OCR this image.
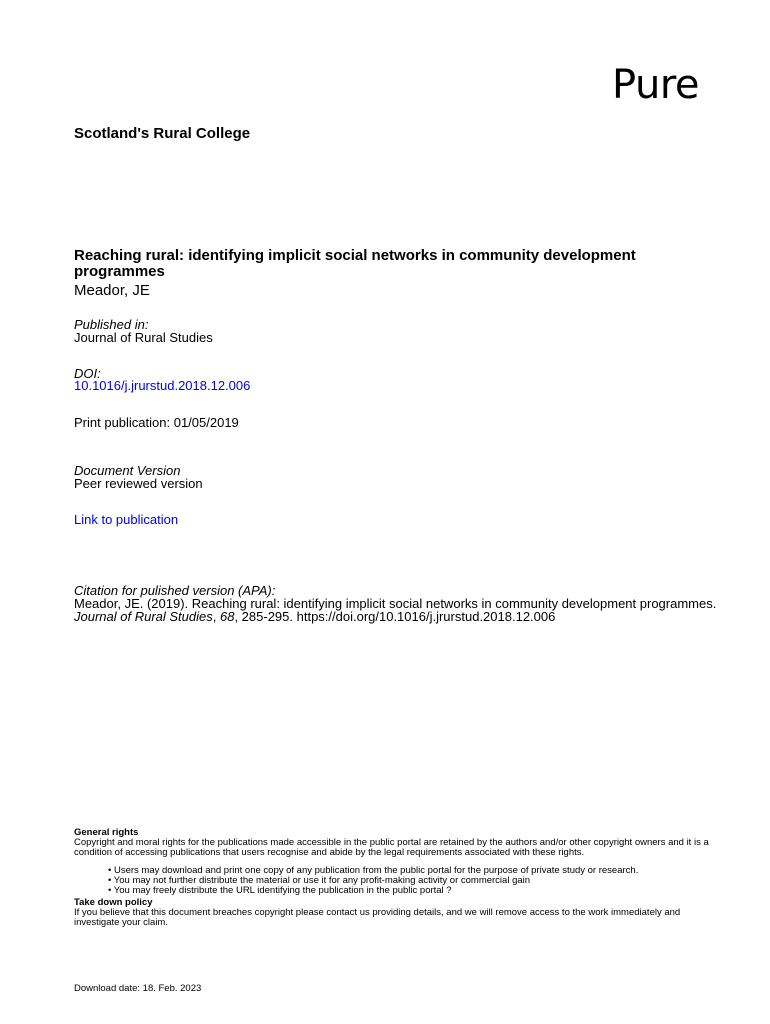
Pure
Scotland's Rural College
Reaching rural: identifying implicit social networks in community development programmes
Meador, JE
Published in:
Journal of Rural Studies
DOI:
10.1016/j.jrurstud.2018.12.006
Print publication: 01/05/2019
Document Version
Peer reviewed version
Link to publication
Citation for pulished version (APA):
Meador, JE. (2019). Reaching rural: identifying implicit social networks in community development programmes.
Journal of Rural Studies, 68, 285-295. https://doi.org/10.1016/j.jrurstud.2018.12.006
General rights
Copyright and moral rights for the publications made accessible in the public portal are retained by the authors and/or other copyright owners and it is a condition of accessing publications that users recognise and abide by the legal requirements associated with these rights.
• Users may download and print one copy of any publication from the public portal for the purpose of private study or research.
• You may not further distribute the material or use it for any profit-making activity or commercial gain
• You may freely distribute the URL identifying the publication in the public portal ?
Take down policy
If you believe that this document breaches copyright please contact us providing details, and we will remove access to the work immediately and investigate your claim.
Download date: 18. Feb. 2023
